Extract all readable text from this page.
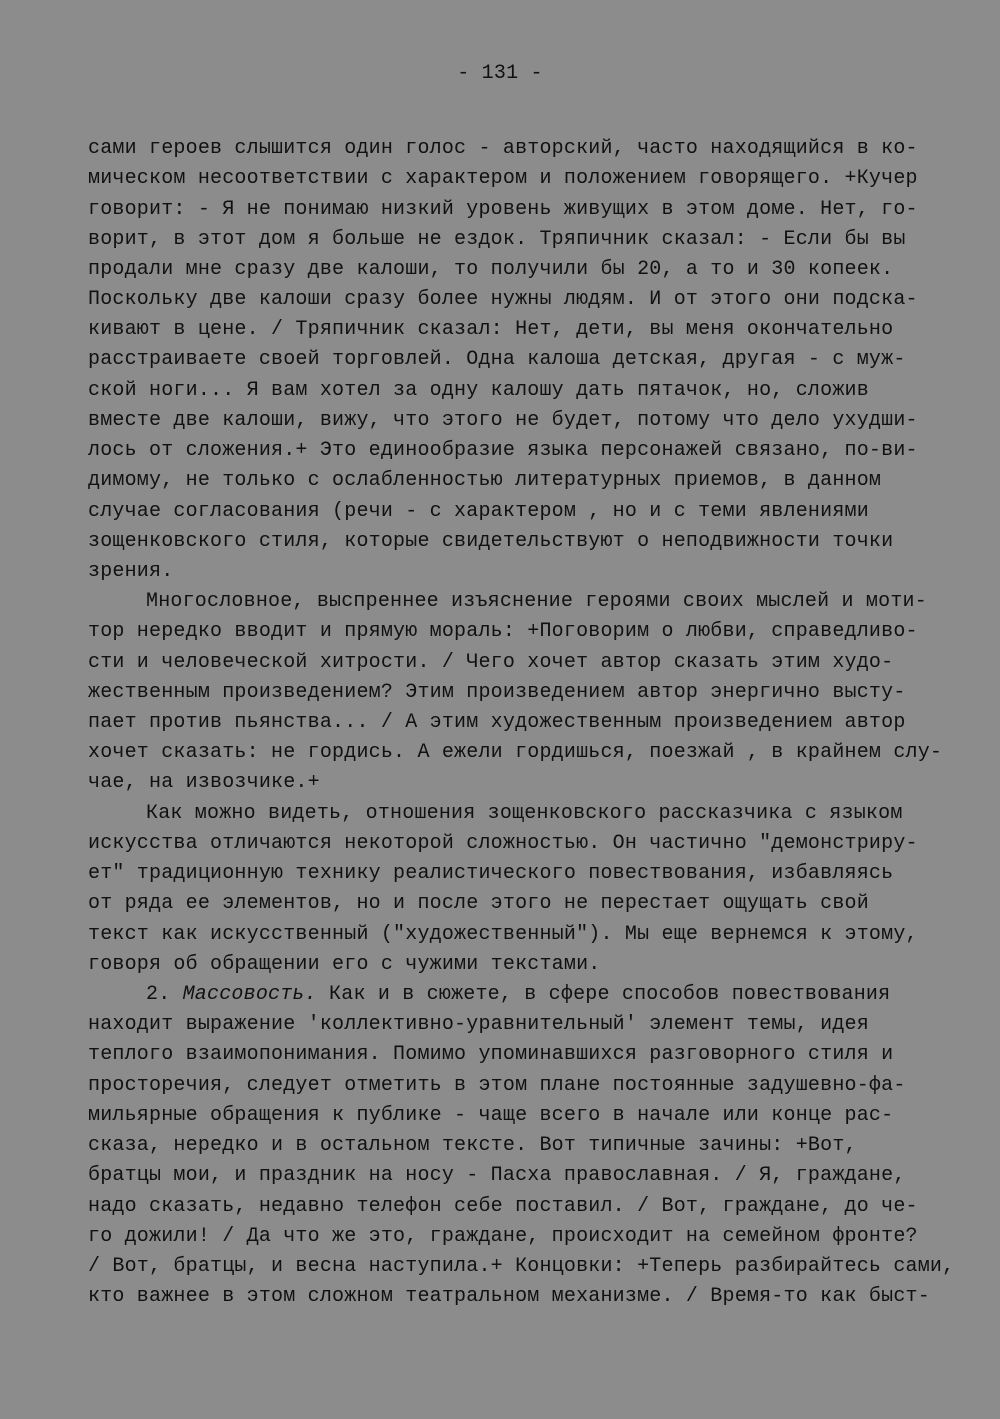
- 131 -
сами героев слышится один голос - авторский, часто находящийся в ко-
мическом несоответствии с характером и положением говорящего. +Кучер
говорит: - Я не понимаю низкий уровень живущих в этом доме. Нет, го-
ворит, в этот дом я больше не ездок. Тряпичник сказал: - Если бы вы
продали мне сразу две калоши, то получили бы 20, а то и 30 копеек.
Поскольку две калоши сразу более нужны людям. И от этого они подска-
кивают в цене. / Тряпичник сказал: Нет, дети, вы меня окончательно
расстраиваете своей торговлей. Одна калоша детская, другая - с муж-
ской ноги... Я вам хотел за одну калошу дать пятачок, но, сложив
вместе две калоши, вижу, что этого не будет, потому что дело ухудши-
лось от сложения.+ Это единообразие языка персонажей связано, по-ви-
димому, не только с ослабленностью литературных приемов, в данном
случае согласования (речи - с характером , но и с теми явлениями
зощенковского стиля, которые свидетельствуют о неподвижности точки
зрения.
Многословное, выспреннее изъяснение героями своих мыслей и моти-
тор нередко вводит и прямую мораль: +Поговорим о любви, справедливо-
сти и человеческой хитрости. / Чего хочет автор сказать этим худо-
жественным произведением? Этим произведением автор энергично высту-
пает против пьянства... / А этим художественным произведением автор
хочет сказать: не гордись. А ежели гордишься, поезжай , в крайнем слу-
чае, на извозчике.+
Как можно видеть, отношения зощенковского рассказчика с языком
искусства отличаются некоторой сложностью. Он частично "демонстриру-
ет" традиционную технику реалистического повествования, избавляясь
от ряда ее элементов, но и после этого не перестает ощущать свой
текст как искусственный ("художественный"). Мы еще вернемся к этому,
говоря об обращении его с чужими текстами.
2. Массовость. Как и в сюжете, в сфере способов повествования
находит выражение 'коллективно-уравнительный' элемент темы, идея
теплого взаимопонимания. Помимо упоминавшихся разговорного стиля и
просторечия, следует отметить в этом плане постоянные задушевно-фа-
мильярные обращения к публике - чаще всего в начале или конце рас-
сказа, нередко и в остальном тексте. Вот типичные зачины: +Вот,
братцы мои, и праздник на носу - Пасха православная. / Я, граждане,
надо сказать, недавно телефон себе поставил. / Вот, граждане, до че-
го дожили! / Да что же это, граждане, происходит на семейном фронте?
/ Вот, братцы, и весна наступила.+ Концовки: +Теперь разбирайтесь сами,
кто важнее в этом сложном театральном механизме. / Время-то как быст-
